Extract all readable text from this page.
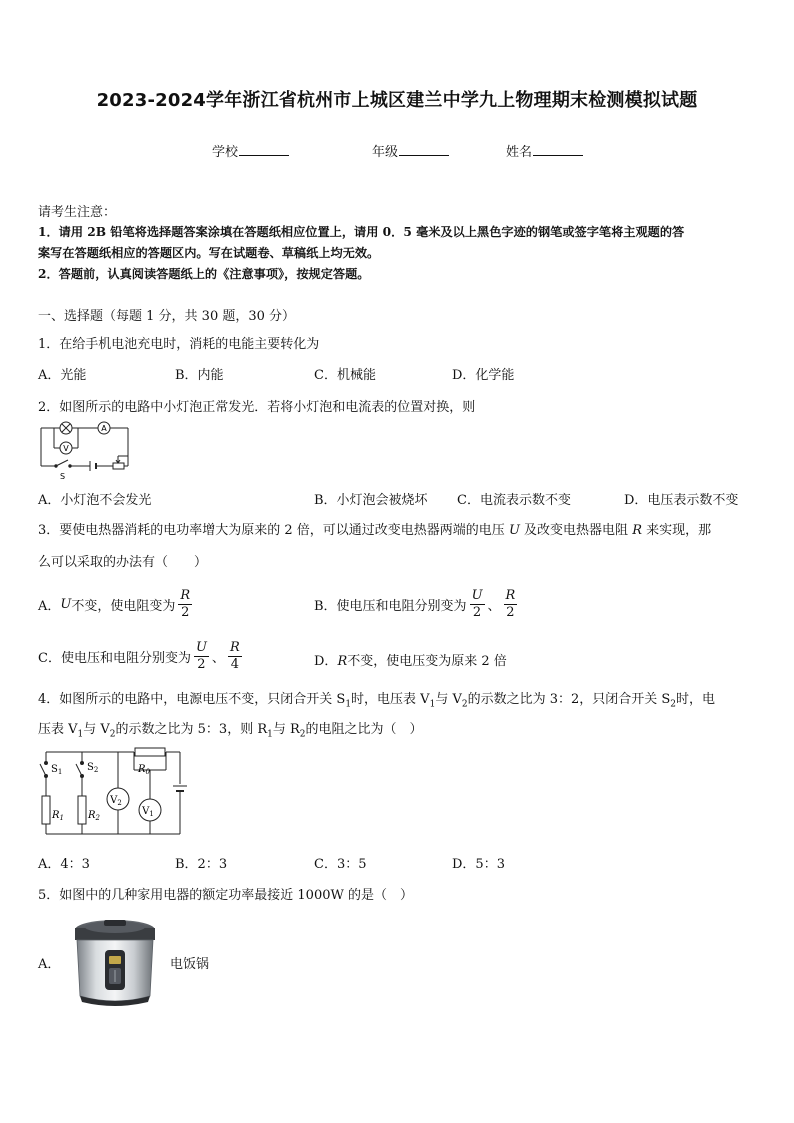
2023-2024学年浙江省杭州市上城区建兰中学九上物理期末检测模拟试题
学校	年级	姓名
请考生注意：
1．请用 2B 铅笔将选择题答案涂填在答题纸相应位置上，请用 0．5 毫米及以上黑色字迹的钢笔或签字笔将主观题的答
案写在答题纸相应的答题区内。写在试题卷、草稿纸上均无效。
2．答题前，认真阅读答题纸上的《注意事项》，按规定答题。
一、选择题（每题 1 分，共 30 题，30 分）
1．在给手机电池充电时，消耗的电能主要转化为
A．光能	B．内能	C．机械能	D．化学能
2．如图所示的电路中小灯泡正常发光．若将小灯泡和电流表的位置对换，则
A
V
S
A．小灯泡不会发光	B．小灯泡会被烧坏 C．电流表示数不变	D．电压表示数不变
3．要使电热器消耗的电功率增大为原来的 2 倍，可以通过改变电热器两端的电压 U 及改变电热器电阻 R 来实现，那
么可以采取的办法有（　　）
A． U 不变，使电阻变为 $\frac{R}{2}$	B．使电压和电阻分别变为 $\frac{U}{2}$ 、 $\frac{R}{2}$
C．使电压和电阻分别变为 $\frac{U}{2}$ 、 $\frac{R}{4}$	D．R不变，使电压变为原来 2 倍
4．如图所示的电路中，电源电压不变，只闭合开关 $S_1$时，电压表 $V_1$与 $V_2$的示数之比为 3：2，只闭合开关 $S_2$时，电
压表 $V_1$与 $V_2$的示数之比为 5：3，则 $R_1$与 $R_2$的电阻之比为（　）
$R_0$
$S_1$ $S_2$
$R_1$ $R_2$
$V_2$
$V_1$
A．4：3	B．2：3	C．3：5	D．5：3
5．如图中的几种家用电器的额定功率最接近 1000W 的是（　）
A．	电饭锅
